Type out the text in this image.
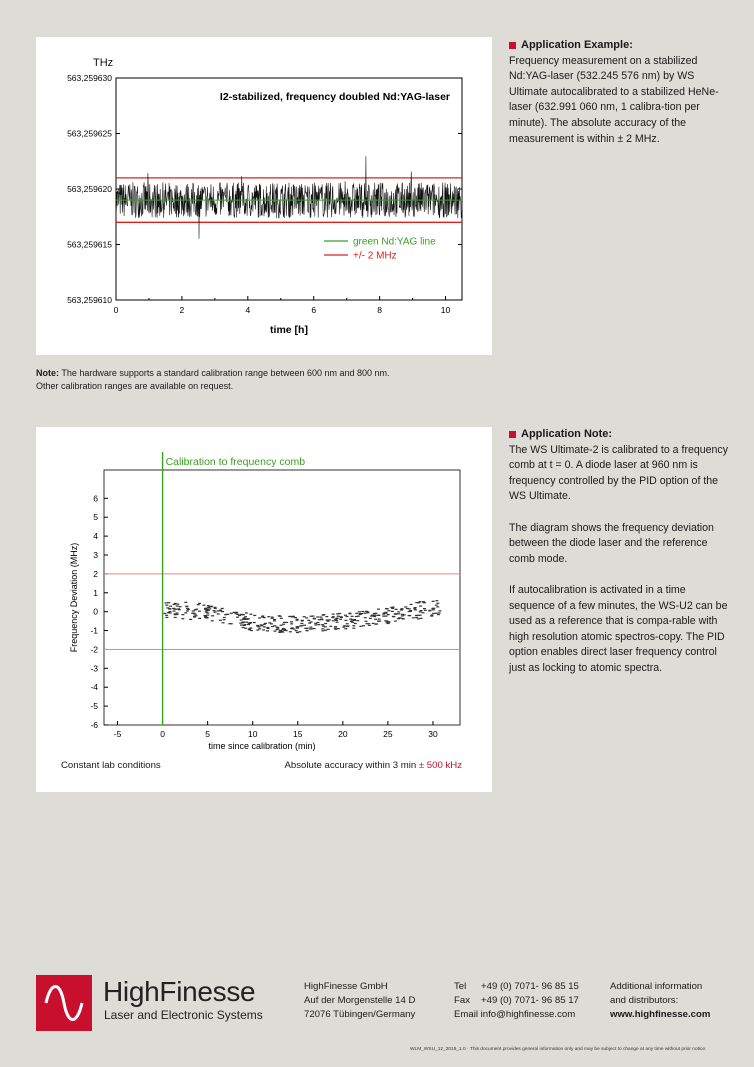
THz
563,259610
563,259615
563,259620
563,259625
563,259630
0	2	4	6	8	10
time [h]
I2-stabilized, frequency doubled Nd:YAG-laser
green Nd:YAG line
+/- 2 MHz
Application Example:

Frequency measurement on a stabilized Nd:YAG-laser (532.245 576 nm) by WS Ultimate autocalibrated to a stabilized HeNe-laser (632.991 060 nm, 1 calibra-tion per minute). The absolute accuracy of the measurement is within ± 2 MHz.

Note: The hardware supports a standard calibration range between 600 nm and 800 nm.
Other calibration ranges are available on request.
6
5
4
3
2
1
0
-1
-2
-3
-4
-5
-6
-5	0	5	10	15	20	25	30
time since calibration (min)
Frequency Deviation (MHz)
Calibration to frequency comb
Constant lab conditions	Absolute accuracy within 3 min ± 500 kHz
Application Note:

The WS Ultimate-2 is calibrated to a frequency comb at t = 0. A diode laser at 960 nm is frequency controlled by the PID option of the WS Ultimate.

The diagram shows the frequency deviation between the diode laser and the reference comb mode.

If autocalibration is activated in a time sequence of a few minutes, the WS-U2 can be used as a reference that is compa-rable with high resolution atomic spectros-copy. The PID option enables direct laser frequency control just as locking to atomic spectra.

HighFinesse
Laser and Electronic Systems
HighFinesse GmbH
Auf der Morgenstelle 14 D
72076 Tübingen/Germany
Tel +49 (0) 7071- 96 85 15
Fax +49 (0) 7071- 96 85 17
Email info@highfinesse.com
Additional information
and distributors:
www.highfinesse.com
WLM_WSU_12_2015_1.0 · This document provides general information only and may be subject to change at any time without prior notice.
